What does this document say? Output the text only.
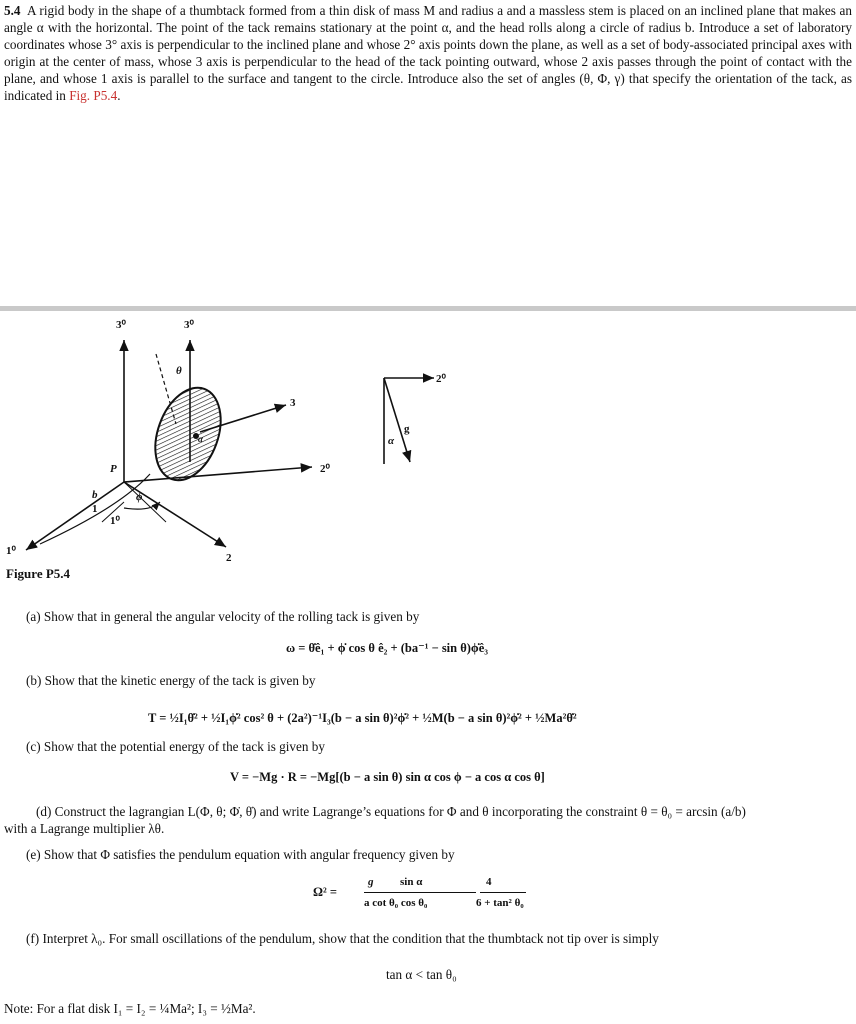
5.4 A rigid body in the shape of a thumbtack formed from a thin disk of mass M and radius a and a massless stem is placed on an inclined plane that makes an angle α with the horizontal. The point of the tack remains stationary at the point α, and the head rolls along a circle of radius b. Introduce a set of laboratory coordinates whose 3° axis is perpendicular to the inclined plane and whose 2° axis points down the plane, as well as a set of body-associated principal axes with origin at the center of mass, whose 3 axis is perpendicular to the head of the tack pointing outward, whose 2 axis passes through the point of contact with the plane, and whose 1 axis is parallel to the surface and tangent to the circle. Introduce also the set of angles (θ, Φ, γ) that specify the orientation of the tack, as indicated in Fig. P5.4.
3⁰	3⁰
θ
3
2⁰
P
b	ϕ
1
1⁰
1⁰
2
2⁰
g
α
α
Figure P5.4
(a) Show that in general the angular velocity of the rolling tack is given by
ω = θ̇ê₁ + ϕ̇ cos θ ê₂ + (ba⁻¹ − sin θ)ϕ̇ê₃
(b) Show that the kinetic energy of the tack is given by
T = ½I₁θ̇² + ½I₁ϕ̇² cos² θ + (2a²)⁻¹I₃(b − a sin θ)²ϕ̇² + ½M(b − a sin θ)²ϕ̇² + ½Ma²θ̇²
(c) Show that the potential energy of the tack is given by
V = −Mg · R = −Mg[(b − a sin θ) sin α cos ϕ − a cos α cos θ]
(d) Construct the lagrangian L(Φ, θ; Φ̇, θ̇) and write Lagrange’s equations for Φ and θ incorporating the constraint θ = θ₀ = arcsin (a/b)
with a Lagrange multiplier λθ.
(e) Show that Φ satisfies the pendulum equation with angular frequency given by
Ω² =
g sin α	4
a cot θ₀ cos θ₀	6 + tan² θ₀
(f) Interpret λ₀. For small oscillations of the pendulum, show that the condition that the thumbtack not tip over is simply
tan α < tan θ₀
Note: For a flat disk I₁ = I₂ = ¼Ma²; I₃ = ½Ma².
